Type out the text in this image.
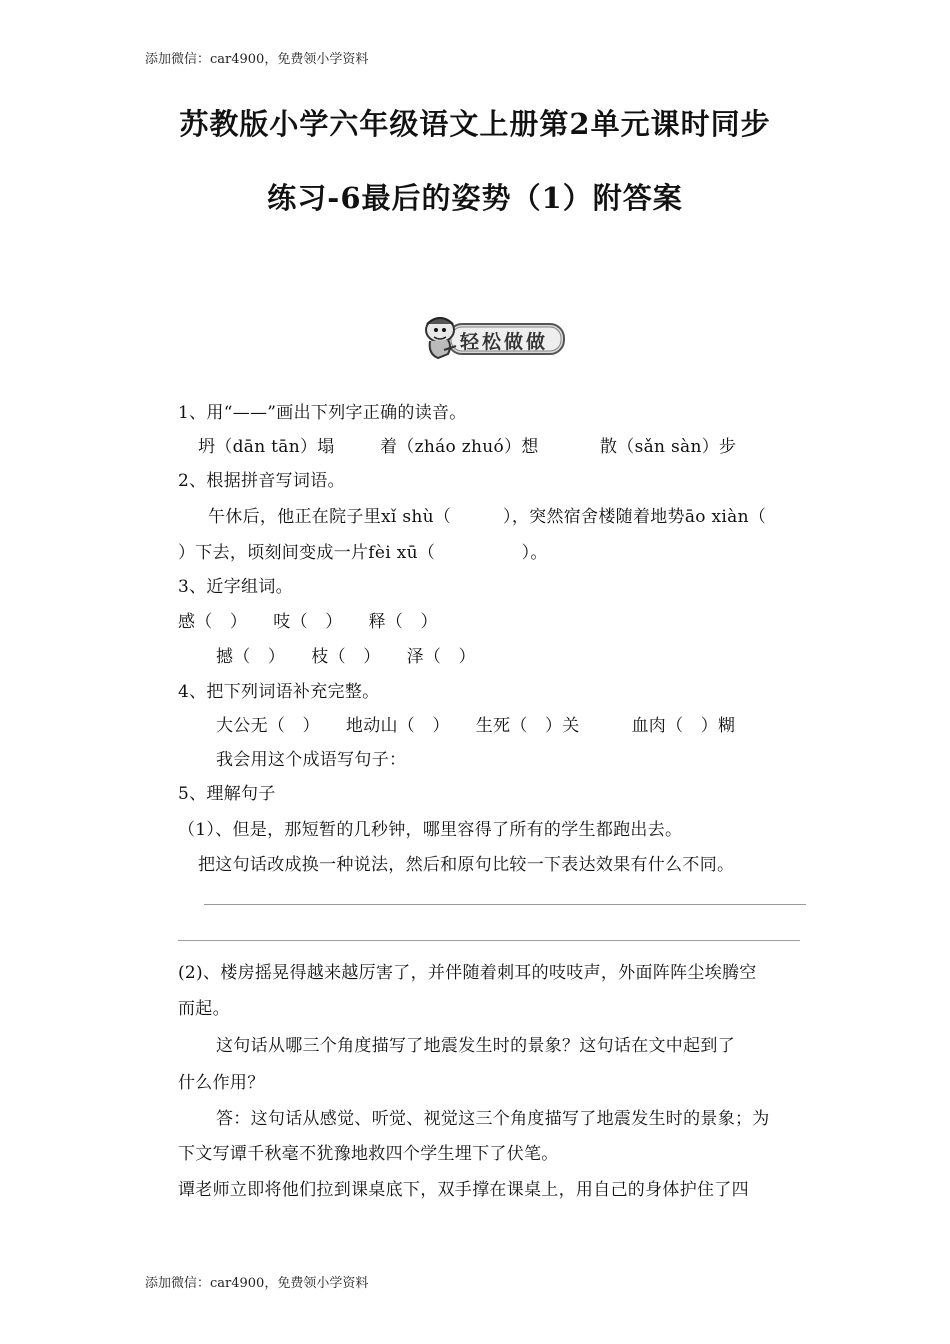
添加微信：car4900，免费领小学资料
苏教版小学六年级语文上册第2单元课时同步
练习-6最后的姿势（1）附答案
轻松做做
1、用“——”画出下列字正确的读音。
坍（dān tān）塌	着（zháo zhuó）想	散（sǎn sàn）步
2、根据拼音写词语。
午休后，他正在院子里xǐ shù（　　　），突然宿舍楼随着地势āo xiàn（
）下去，顷刻间变成一片fèi xū（　　　　　）。
3、近字组词。
感（　）　　吱（　）　　释（　）
撼（　）　　枝（　）　　泽（　）
4、把下列词语补充完整。
大公无（　）　　地动山（　）　　生死（　）关　　　血肉（　）糊
我会用这个成语写句子：
5、理解句子
（1）、但是，那短暂的几秒钟，哪里容得了所有的学生都跑出去。
把这句话改成换一种说法，然后和原句比较一下表达效果有什么不同。
(2)、楼房摇晃得越来越厉害了，并伴随着刺耳的吱吱声，外面阵阵尘埃腾空
而起。
这句话从哪三个角度描写了地震发生时的景象？这句话在文中起到了
什么作用？
答：这句话从感觉、听觉、视觉这三个角度描写了地震发生时的景象；为
下文写谭千秋毫不犹豫地救四个学生埋下了伏笔。
谭老师立即将他们拉到课桌底下，双手撑在课桌上，用自己的身体护住了四
添加微信：car4900，免费领小学资料
